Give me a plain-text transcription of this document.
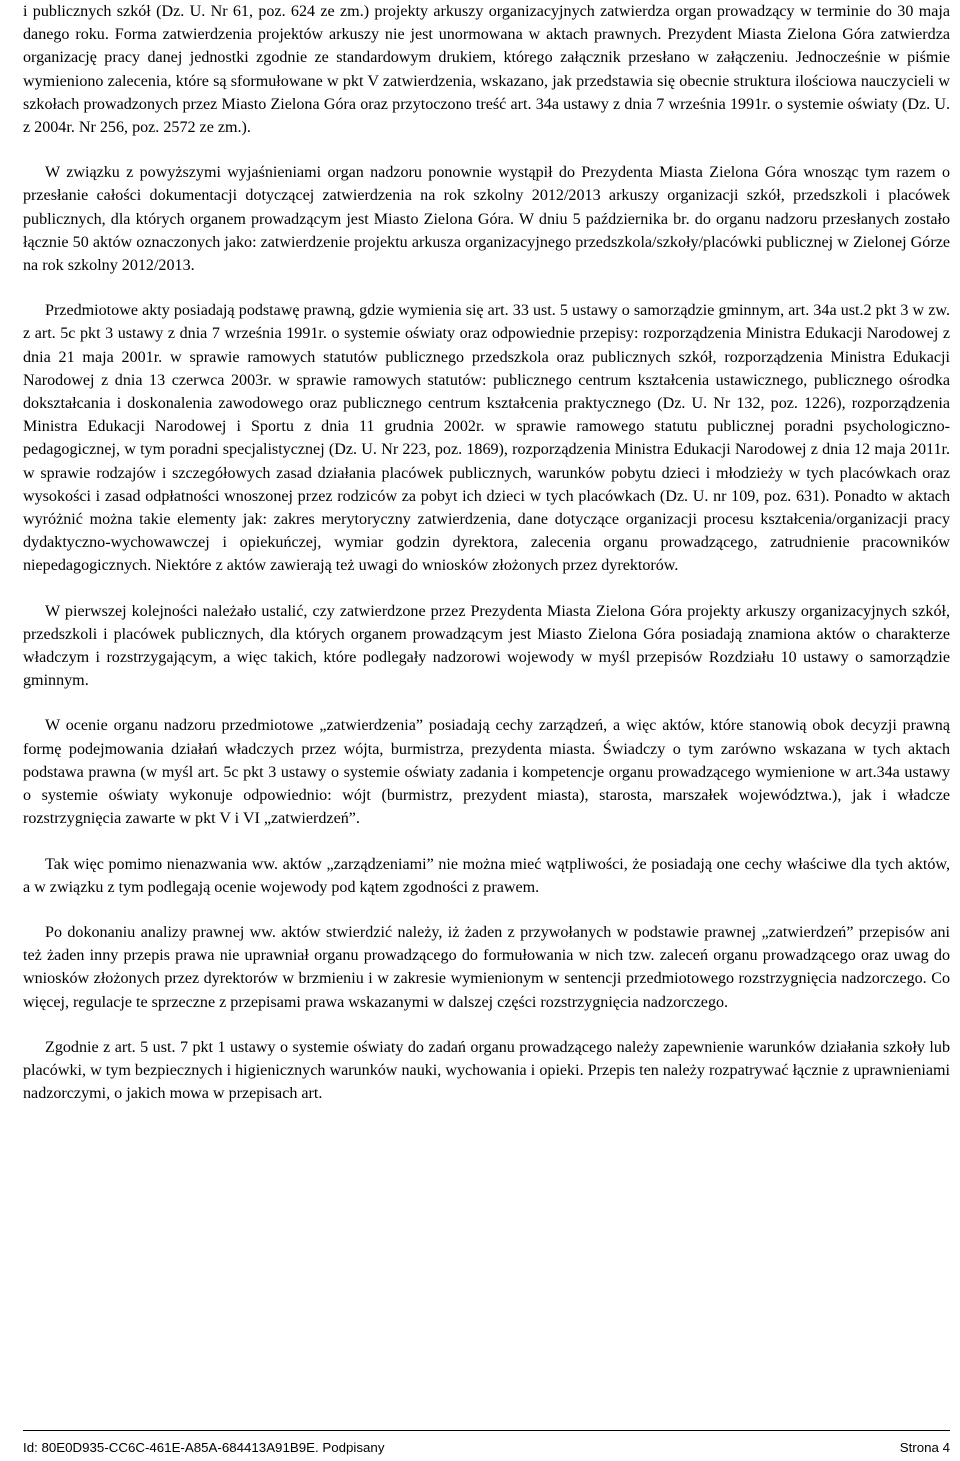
i publicznych szkół (Dz. U. Nr 61, poz. 624 ze zm.) projekty arkuszy organizacyjnych zatwierdza organ prowadzący w terminie do 30 maja danego roku. Forma zatwierdzenia projektów arkuszy nie jest unormowana w aktach prawnych. Prezydent Miasta Zielona Góra zatwierdza organizację pracy danej jednostki zgodnie ze standardowym drukiem, którego załącznik przesłano w załączeniu. Jednocześnie w piśmie wymieniono zalecenia, które są sformułowane w pkt V zatwierdzenia, wskazano, jak przedstawia się obecnie struktura ilościowa nauczycieli w szkołach prowadzonych przez Miasto Zielona Góra oraz przytoczono treść art. 34a ustawy z dnia 7 września 1991r. o systemie oświaty (Dz. U. z 2004r. Nr 256, poz. 2572 ze zm.).

W związku z powyższymi wyjaśnieniami organ nadzoru ponownie wystąpił do Prezydenta Miasta Zielona Góra wnosząc tym razem o przesłanie całości dokumentacji dotyczącej zatwierdzenia na rok szkolny 2012/2013 arkuszy organizacji szkół, przedszkoli i placówek publicznych, dla których organem prowadzącym jest Miasto Zielona Góra. W dniu 5 października br. do organu nadzoru przesłanych zostało łącznie 50 aktów oznaczonych jako: zatwierdzenie projektu arkusza organizacyjnego przedszkola/szkoły/placówki publicznej w Zielonej Górze na rok szkolny 2012/2013.

Przedmiotowe akty posiadają podstawę prawną, gdzie wymienia się art. 33 ust. 5 ustawy o samorządzie gminnym, art. 34a ust.2 pkt 3 w zw. z art. 5c pkt 3 ustawy z dnia 7 września 1991r. o systemie oświaty oraz odpowiednie przepisy: rozporządzenia Ministra Edukacji Narodowej z dnia 21 maja 2001r. w sprawie ramowych statutów publicznego przedszkola oraz publicznych szkół, rozporządzenia Ministra Edukacji Narodowej z dnia 13 czerwca 2003r. w sprawie ramowych statutów: publicznego centrum kształcenia ustawicznego, publicznego ośrodka dokształcania i doskonalenia zawodowego oraz publicznego centrum kształcenia praktycznego (Dz. U. Nr 132, poz. 1226), rozporządzenia Ministra Edukacji Narodowej i Sportu z dnia 11 grudnia 2002r. w sprawie ramowego statutu publicznej poradni psychologiczno-pedagogicznej, w tym poradni specjalistycznej (Dz. U. Nr 223, poz. 1869), rozporządzenia Ministra Edukacji Narodowej z dnia 12 maja 2011r. w sprawie rodzajów i szczegółowych zasad działania placówek publicznych, warunków pobytu dzieci i młodzieży w tych placówkach oraz wysokości i zasad odpłatności wnoszonej przez rodziców za pobyt ich dzieci w tych placówkach (Dz. U. nr 109, poz. 631). Ponadto w aktach wyróżnić można takie elementy jak: zakres merytoryczny zatwierdzenia, dane dotyczące organizacji procesu kształcenia/organizacji pracy dydaktyczno-wychowawczej i opiekuńczej, wymiar godzin dyrektora, zalecenia organu prowadzącego, zatrudnienie pracowników niepedagogicznych. Niektóre z aktów zawierają też uwagi do wniosków złożonych przez dyrektorów.

W pierwszej kolejności należało ustalić, czy zatwierdzone przez Prezydenta Miasta Zielona Góra projekty arkuszy organizacyjnych szkół, przedszkoli i placówek publicznych, dla których organem prowadzącym jest Miasto Zielona Góra posiadają znamiona aktów o charakterze władczym i rozstrzygającym, a więc takich, które podlegały nadzorowi wojewody w myśl przepisów Rozdziału 10 ustawy o samorządzie gminnym.

W ocenie organu nadzoru przedmiotowe „zatwierdzenia” posiadają cechy zarządzeń, a więc aktów, które stanowią obok decyzji prawną formę podejmowania działań władczych przez wójta, burmistrza, prezydenta miasta. Świadczy o tym zarówno wskazana w tych aktach podstawa prawna (w myśl art. 5c pkt 3 ustawy o systemie oświaty zadania i kompetencje organu prowadzącego wymienione w art.34a ustawy o systemie oświaty wykonuje odpowiednio: wójt (burmistrz, prezydent miasta), starosta, marszałek województwa.), jak i władcze rozstrzygnięcia zawarte w pkt V i VI „zatwierdzeń”.

Tak więc pomimo nienazwania ww. aktów „zarządzeniami” nie można mieć wątpliwości, że posiadają one cechy właściwe dla tych aktów, a w związku z tym podlegają ocenie wojewody pod kątem zgodności z prawem.

Po dokonaniu analizy prawnej ww. aktów stwierdzić należy, iż żaden z przywołanych w podstawie prawnej „zatwierdzeń” przepisów ani też żaden inny przepis prawa nie uprawniał organu prowadzącego do formułowania w nich tzw. zaleceń organu prowadzącego oraz uwag do wniosków złożonych przez dyrektorów w brzmieniu i w zakresie wymienionym w sentencji przedmiotowego rozstrzygnięcia nadzorczego. Co więcej, regulacje te sprzeczne z przepisami prawa wskazanymi w dalszej części rozstrzygnięcia nadzorczego.

Zgodnie z art. 5 ust. 7 pkt 1 ustawy o systemie oświaty do zadań organu prowadzącego należy zapewnienie warunków działania szkoły lub placówki, w tym bezpiecznych i higienicznych warunków nauki, wychowania i opieki. Przepis ten należy rozpatrywać łącznie z uprawnieniami nadzorczymi, o jakich mowa w przepisach art.

Id: 80E0D935-CC6C-461E-A85A-684413A91B9E. Podpisany	Strona 4
